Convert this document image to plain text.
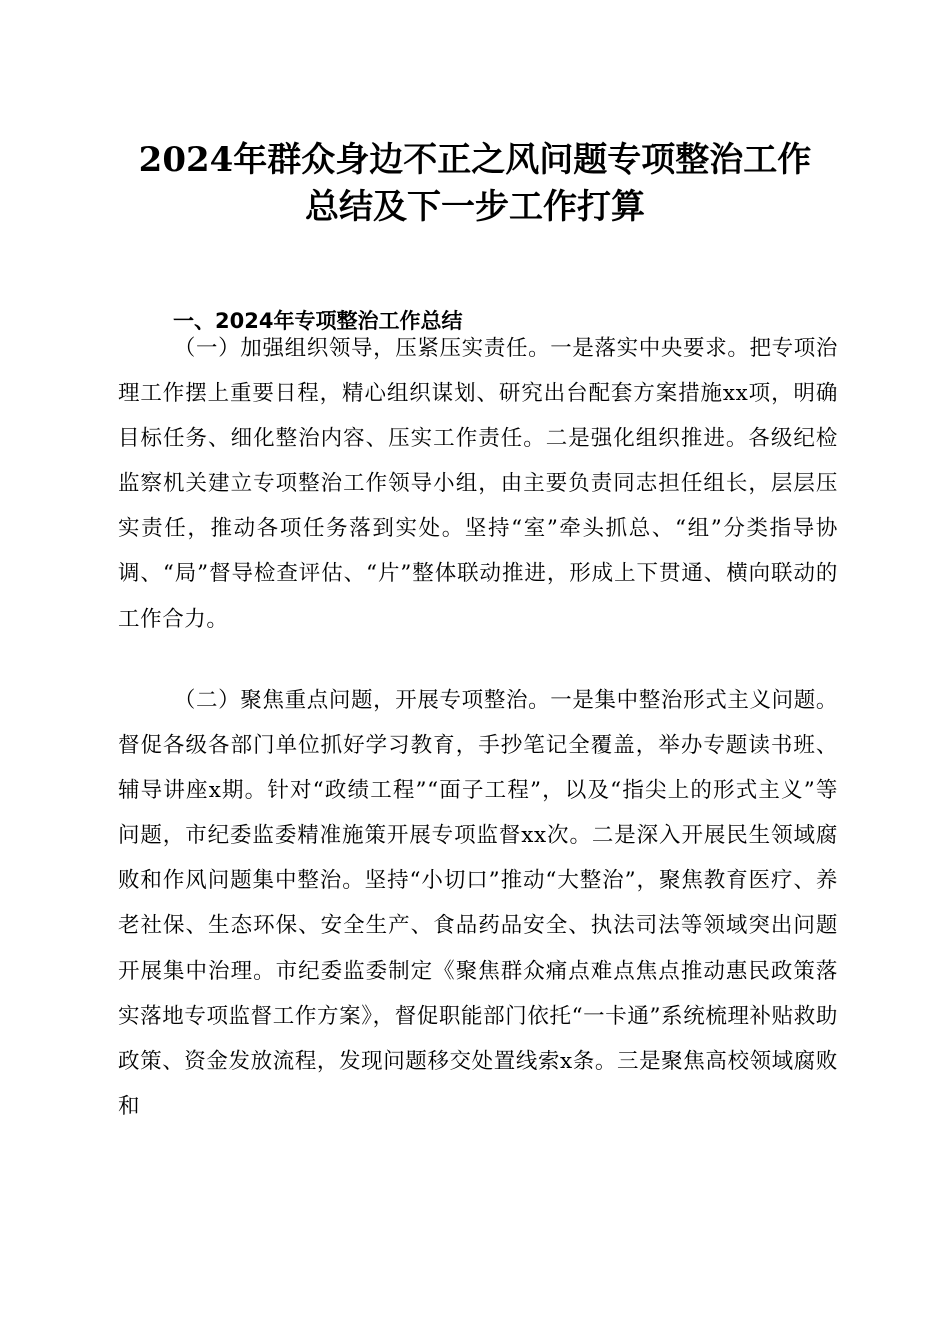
2024年群众身边不正之风问题专项整治工作
总结及下一步工作打算

（一）加强组织领导，压紧压实责任。一是落实中央要求。把专项治理工作摆上重要日程，精心组织谋划、研究出台配套方案措施xx项，明确目标任务、细化整治内容、压实工作责任。二是强化组织推进。各级纪检监察机关建立专项整治工作领导小组，由主要负责同志担任组长，层层压实责任，推动各项任务落到实处。坚持“室”牵头抓总、“组”分类指导协调、“局”督导检查评估、“片”整体联动推进，形成上下贯通、横向联动的工作合力。

一、2024年专项整治工作总结

（二）聚焦重点问题，开展专项整治。一是集中整治形式主义问题。督促各级各部门单位抓好学习教育，手抄笔记全覆盖，举办专题读书班、辅导讲座x期。针对“政绩工程”“面子工程”，以及“指尖上的形式主义”等问题，市纪委监委精准施策开展专项监督xx次。二是深入开展民生领域腐败和作风问题集中整治。坚持“小切口”推动“大整治”，聚焦教育医疗、养老社保、生态环保、安全生产、食品药品安全、执法司法等领域突出问题开展集中治理。市纪委监委制定《聚焦群众痛点难点焦点推动惠民政策落实落地专项监督工作方案》，督促职能部门依托“一卡通”系统梳理补贴救助政策、资金发放流程，发现问题移交处置线索x条。三是聚焦高校领域腐败和
